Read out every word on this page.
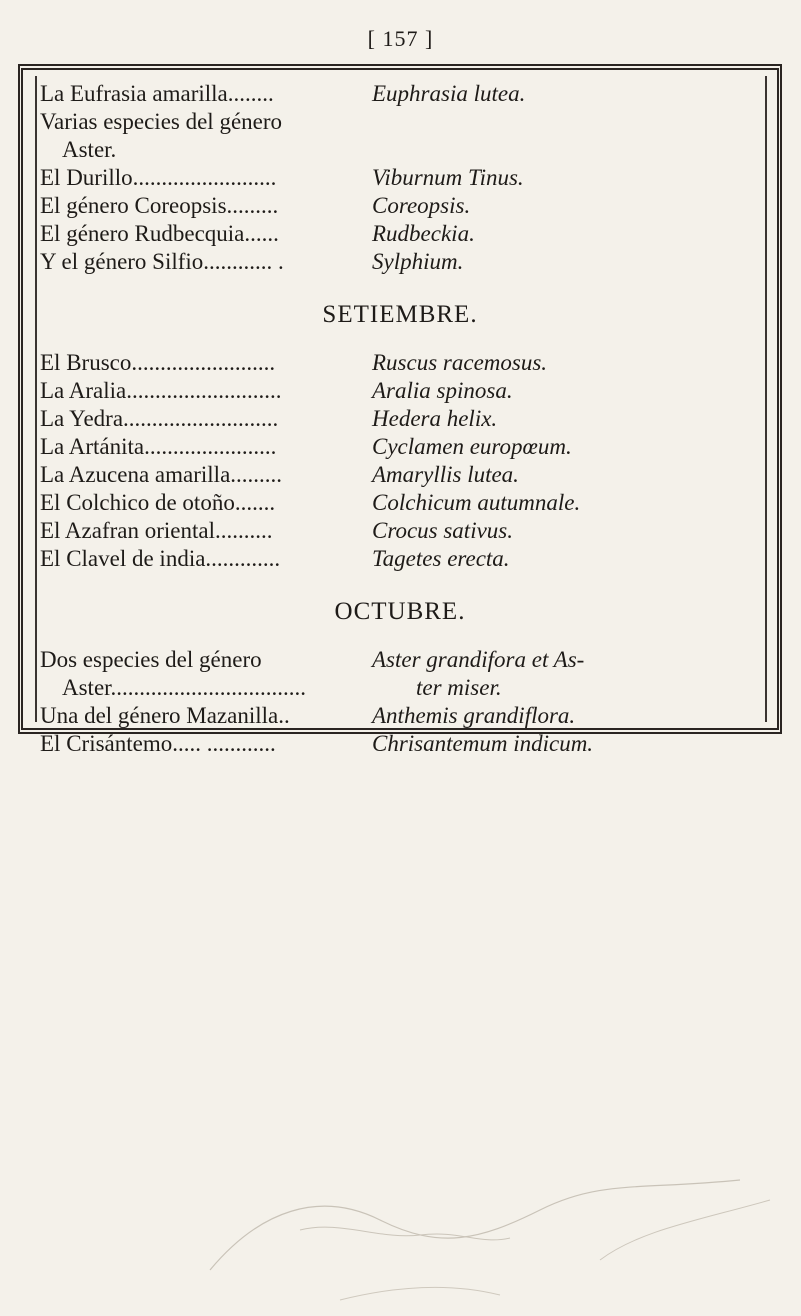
[ 157 ]
La Eufrasia amarilla........	Euphrasia lutea.
Varias especies del género
Aster.
El Durillo.........................	Viburnum Tinus.
El género Coreopsis.........	Coreopsis.
El género Rudbecquia......	Rudbeckia.
Y el género Silfio............ .	Sylphium.
SETIEMBRE.
El Brusco.........................	Ruscus racemosus.
La Aralia...........................	Aralia spinosa.
La Yedra...........................	Hedera helix.
La Artánita.......................	Cyclamen europœum.
La Azucena amarilla.........	Amaryllis lutea.
El Colchico de otoño.......	Colchicum autumnale.
El Azafran oriental..........	Crocus sativus.
El Clavel de india.............	Tagetes erecta.
OCTUBRE.
Dos especies del género	Aster grandifora et As-
Aster..................................	ter miser.
Una del género Mazanilla..	Anthemis grandiflora.
El Crisántemo..... ............	Chrisantemum indicum.
